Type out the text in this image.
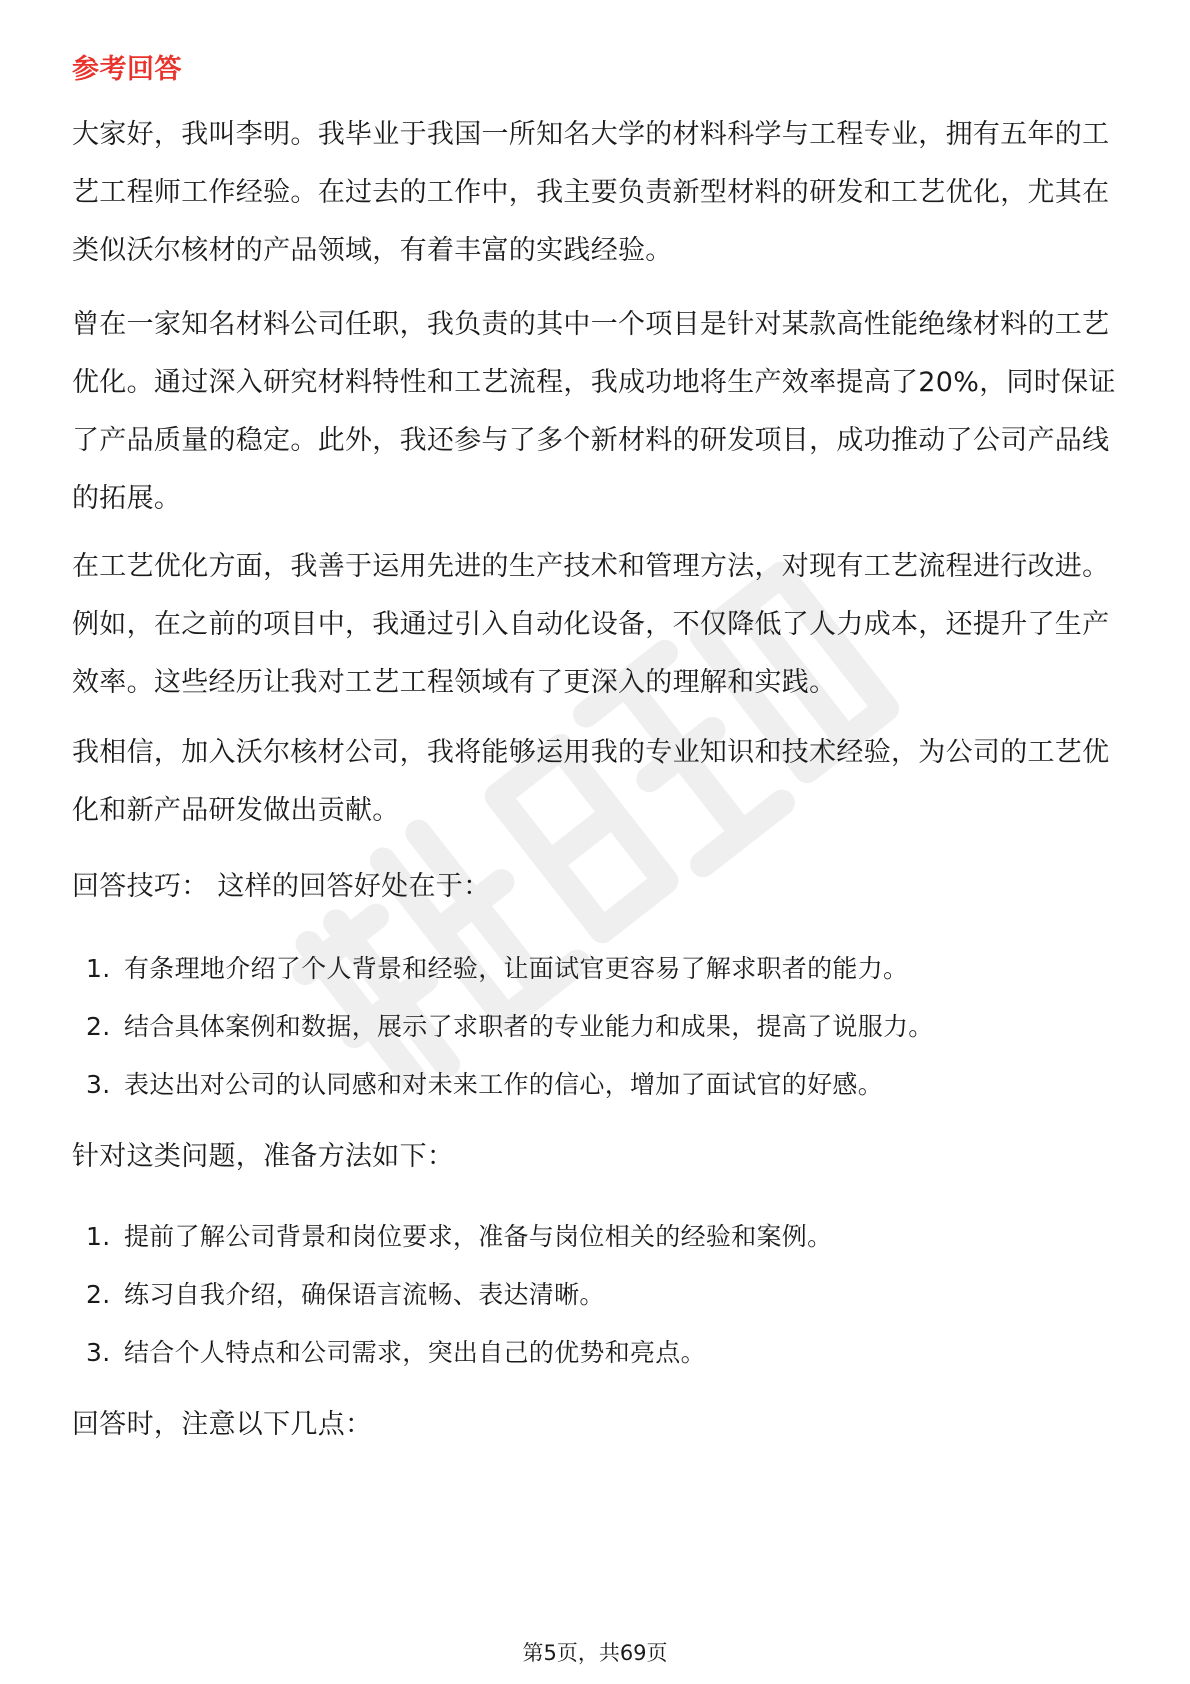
参考回答

大家好，我叫李明。我毕业于我国一所知名大学的材料科学与工程专业，拥有五年的工艺工程师工作经验。在过去的工作中，我主要负责新型材料的研发和工艺优化，尤其在类似沃尔核材的产品领域，有着丰富的实践经验。

曾在一家知名材料公司任职，我负责的其中一个项目是针对某款高性能绝缘材料的工艺优化。通过深入研究材料特性和工艺流程，我成功地将生产效率提高了20%，同时保证了产品质量的稳定。此外，我还参与了多个新材料的研发项目，成功推动了公司产品线的拓展。

在工艺优化方面，我善于运用先进的生产技术和管理方法，对现有工艺流程进行改进。例如，在之前的项目中，我通过引入自动化设备，不仅降低了人力成本，还提升了生产效率。这些经历让我对工艺工程领域有了更深入的理解和实践。

我相信，加入沃尔核材公司，我将能够运用我的专业知识和技术经验，为公司的工艺优化和新产品研发做出贡献。

回答技巧： 这样的回答好处在于：

1. 有条理地介绍了个人背景和经验，让面试官更容易了解求职者的能力。
2. 结合具体案例和数据，展示了求职者的专业能力和成果，提高了说服力。
3. 表达出对公司的认同感和对未来工作的信心，增加了面试官的好感。

针对这类问题，准备方法如下：

1. 提前了解公司背景和岗位要求，准备与岗位相关的经验和案例。
2. 练习自我介绍，确保语言流畅、表达清晰。
3. 结合个人特点和公司需求，突出自己的优势和亮点。

回答时，注意以下几点：

第5页，共69页
